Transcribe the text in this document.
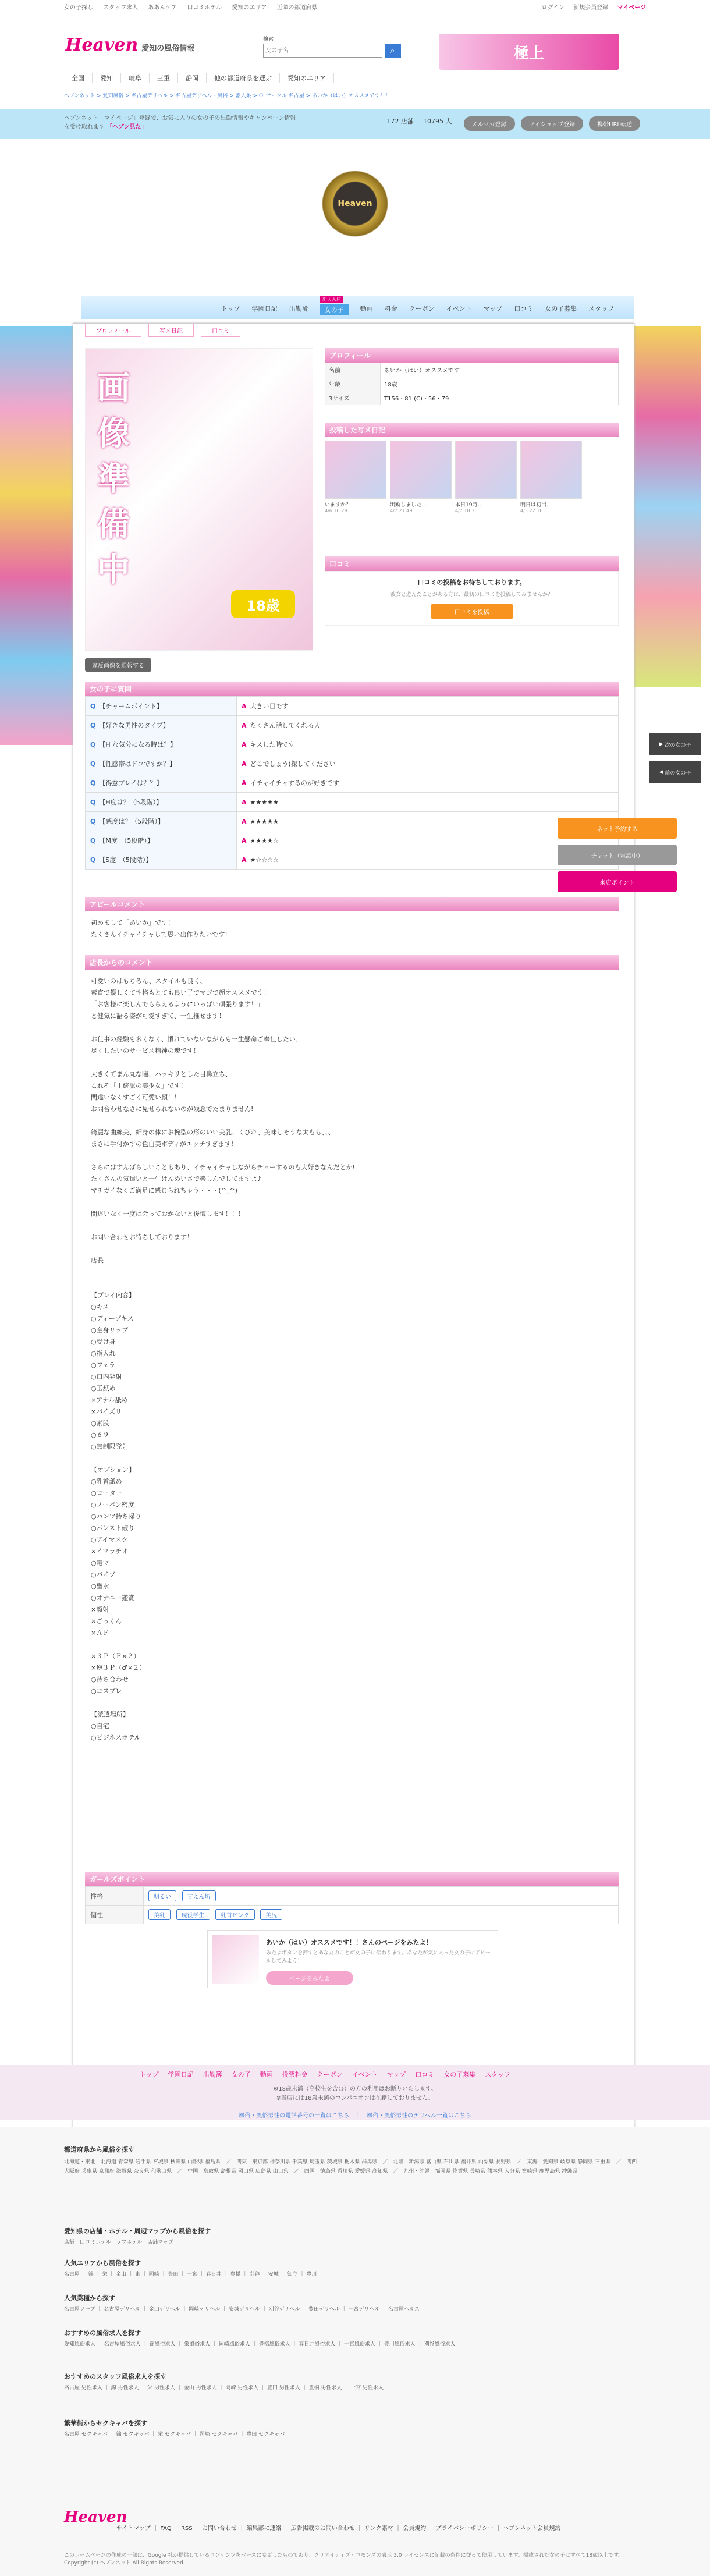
女の子探し スタッフ求人 ああんケア 口コミホテル 愛知のエリア 近隣の都道府県	ログイン 新規会員登録 マイページ
Heaven 愛知の風俗情報
検索
女の子名 ⌕	極上
全国	愛知	岐阜	三重	静岡	他の都道府県を選ぶ	愛知のエリア
ヘブンネット > 愛知風俗 > 名古屋デリヘル > 名古屋デリヘル・風俗 > 素人系 > OLサークル 名古屋 > あいか（はい）オススメです！！
ヘブンネット「マイページ」登録で、お気に入りの女の子の出勤情報やキャンペーン情報を受け取れます 「ヘブン見た」
172 店舗 10795 人	メルマガ登録	マイショップ登録	携帯URL転送
Heaven
トップ 学園日記 出勤簿	女の子	動画 料金 クーポン イベント マップ 口コミ 女の子募集 スタッフ
新人入店
プロフィール	写メ日記	口コミ
画像準備中
18歳
違反画像を通報する
プロフィール
名前	あいか（はい）オススメです！！
年齢	18歳
3サイズ	T156・81 (C)・56・79
投稿した写メ日記
いますか？
4/6 16:29
出勤しました…
4/7 21:49
本日19時…
4/7 18:36
明日は初出…
4/3 22:16
口コミ
口コミの投稿をお待ちしております。
彼女と遊んだことがある方は、最初の口コミを投稿してみませんか？
口コミを投稿
女の子に質問
Q 【チャームポイント】	A 大きい目です
Q 【好きな男性のタイプ】	A たくさん話してくれる人
Q 【H な気分になる時は？】	A キスした時です
Q 【性感帯はドコですか？】	A どこでしょう(探してください
Q 【得意プレイは？？】	A イチャイチャするのが好きです
Q 【H度は？（5段階）】	A ★★★★★
Q 【感度は？（5段階）】	A ★★★★★
Q 【M度　（5段階）】	A ★★★★☆
Q 【S度　（5段階）】	A ★☆☆☆☆
アピールコメント
初めまして「あいか」です！
たくさんイチャイチャして思い出作りたいです!
店長からのコメント
可愛いのはもちろん、スタイルも良く、
素直で優しくて性格もとても良い子でマジで超オススメです！
「お客様に楽しんでもらえるようにいっぱい頑張ります！」
と健気に語る姿が可愛すぎて、一生推せます！

お仕事の経験も多くなく、慣れていないながらも一生懸命ご奉仕したい、
尽くしたいのサービス精神の塊です！

大きくてまん丸な瞳、ハッキリとした目鼻立ち、
これぞ「正統派の美少女」です！
間違いなくすごく可愛い顔！！
お問合わせなさに見せられないのが残念でたまりません!

綺麗な曲線美、細身の体にお椀型の形のいい美乳、くびれ、美味しそうな太もも、、、
まさに手付かずの色白美ボディがエッチすぎます!

さらにはすんばらしいこともあり、イチャイチャしながらチューするのも大好きなんだとか!
たくさんの気遣いと一生けんめいさで楽しんでしてますよ♪
マチガイなくご満足に感じられちゃう・・・(^_^)

間違いなく一度は会っておかないと後悔します！！！

お問い合わせお待ちしております！

店長

【プレイ内容】
○キス
○ディープキス
○全身リップ
○受け身
○指入れ
○フェラ
○口内発射
○玉舐め
×アナル舐め
×パイズリ
○素股
○６９
○無制限発射

【オプション】
○乳首舐め
○ローター
○ノーパン密度
○パンツ持ち帰り
○パンスト破り
○アイマスク
×イマラチオ
○電マ
○バイブ
○聖水
○オナニー鑑賞
×顔射
×ごっくん
×ＡＦ

×３Ｐ（Ｆ×２）
×逆３Ｐ（♂×２）
○待ち合わせ
○コスプレ

【派遣場所】
○自宅
○ビジネスホテル
ガールズポイント
性格	明るい 甘えん坊
個性	美乳 現役学生 乳首ピンク 美尻
あいか（はい）オススメです！！さんのページをみたよ！
みたよボタンを押すとあなたのことが女の子に伝わります。あなたが気に入った女の子にアピールしてみよう！
ページをみたよ
▶ 次の女の子
◀ 前の女の子
ネット予約する
チャット（電話中）
来店ポイント
トップ 学園日記 出勤簿 女の子 動画 投票料金 クーポン イベント マップ 口コミ 女の子募集 スタッフ
※18歳未満（高校生を含む）の方の利用はお断りいたします。
※当店には18歳未満のコンパニオンは在籍しておりません。
風俗・風俗男性の電話番号の一覧はこちら　｜　風俗・風俗男性のデリヘル一覧はこちら
都道府県から風俗を探す
北海道・東北　北海道 青森県 岩手県 宮城県 秋田県 山形県 福島県　／　関東　東京都 神奈川県 千葉県 埼玉県 茨城県 栃木県 群馬県　／　北陸　新潟県 富山県 石川県 福井県 山梨県 長野県　／　東海　愛知県 岐阜県 静岡県 三重県　／　関西　大阪府 兵庫県 京都府 滋賀県 奈良県 和歌山県　／　中国　鳥取県 島根県 岡山県 広島県 山口県　／　四国　徳島県 香川県 愛媛県 高知県　／　九州・沖縄　福岡県 佐賀県 長崎県 熊本県 大分県 宮崎県 鹿児島県 沖縄県
愛知県の店舗・ホテル・周辺マップから風俗を探す
店舗　口コミホテル　ラブホテル　店舗マップ
人気エリアから風俗を探す
名古屋 ｜ 錦 ｜ 栄 ｜ 金山 ｜ 東 ｜ 岡崎 ｜ 豊田 ｜ 一宮 ｜ 春日井 ｜ 豊橋 ｜ 刈谷 ｜ 安城 ｜ 知立 ｜ 豊川
人気業種から探す
名古屋ソープ ｜ 名古屋デリヘル ｜ 金山デリヘル ｜ 岡崎デリヘル ｜ 安城デリヘル ｜ 刈谷デリヘル ｜ 豊田デリヘル ｜ 一宮デリヘル ｜ 名古屋ヘルス
おすすめの風俗求人を探す
愛知風俗求人 ｜ 名古屋風俗求人 ｜ 錦風俗求人 ｜ 栄風俗求人 ｜ 岡崎風俗求人 ｜ 豊橋風俗求人 ｜ 春日井風俗求人 ｜ 一宮風俗求人 ｜ 豊川風俗求人 ｜ 刈谷風俗求人
おすすめのスタッフ風俗求人を探す
名古屋 男性求人 ｜ 錦 男性求人 ｜ 栄 男性求人 ｜ 金山 男性求人 ｜ 岡崎 男性求人 ｜ 豊田 男性求人 ｜ 豊橋 男性求人 ｜ 一宮 男性求人
繁華街からセクキャバを探す
名古屋 セクキャバ ｜ 錦 セクキャバ ｜ 栄 セクキャバ ｜ 岡崎 セクキャバ ｜ 豊田 セクキャバ
Heaven
サイトマップ ｜ FAQ ｜ RSS ｜ お問い合わせ ｜ 編集部に連絡 ｜ 広告掲載のお問い合わせ ｜ リンク素材 ｜ 会員規約 ｜ プライバシーポリシー ｜ ヘブンネット会員規約
このホームページの作成の一部は、Google 社が提供しているコンテンツをベースに変更したものであり、クリエイティブ・コモンズの表示 3.0 ライセンスに記載の条件に従って使用しています。掲載された女の子はすべて18歳以上です。Copyright (c) ヘブンネット All Rights Reserved.
